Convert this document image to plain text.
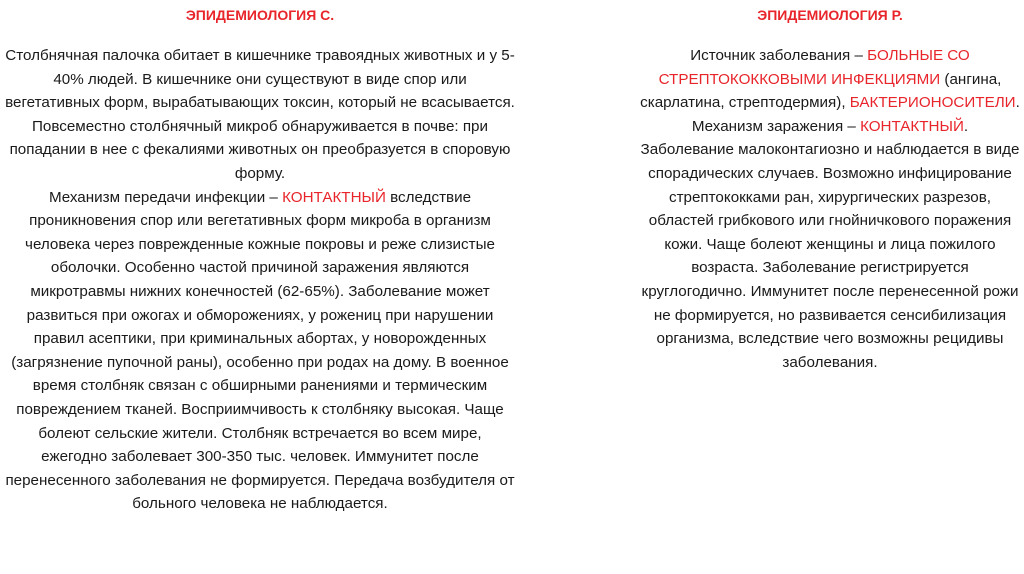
ЭПИДЕМИОЛОГИЯ С.

Столбнячная палочка обитает в кишечнике травоядных животных и у 5-40% людей. В кишечнике они существуют в виде спор или вегетативных форм, вырабатывающих токсин, который не всасывается. Повсеместно столбнячный микроб обнаруживается в почве: при попадании в нее с фекалиями животных он преобразуется в споровую форму.

Механизм передачи инфекции – КОНТАКТНЫЙ вследствие проникновения спор или вегетативных форм микроба в организм человека через поврежденные кожные покровы и реже слизистые оболочки. Особенно частой причиной заражения являются микротравмы нижних конечностей (62-65%). Заболевание может развиться при ожогах и обморожениях, у рожениц при нарушении правил асептики, при криминальных абортах, у новорожденных (загрязнение пупочной раны), особенно при родах на дому. В военное время столбняк связан с обширными ранениями и термическим повреждением тканей. Восприимчивость к столбняку высокая. Чаще болеют сельские жители. Столбняк встречается во всем мире, ежегодно заболевает 300-350 тыс. человек. Иммунитет после перенесенного заболевания не формируется. Передача возбудителя от больного человека не наблюдается.

ЭПИДЕМИОЛОГИЯ Р.

Источник заболевания – БОЛЬНЫЕ СО СТРЕПТОКОККОВЫМИ ИНФЕКЦИЯМИ (ангина, скарлатина, стрептодермия), БАКТЕРИОНОСИТЕЛИ.

Механизм заражения – КОНТАКТНЫЙ.

Заболевание малоконтагиозно и наблюдается в виде спорадических случаев. Возможно инфицирование стрептококками ран, хирургических разрезов, областей грибкового или гнойничкового поражения кожи. Чаще болеют женщины и лица пожилого возраста. Заболевание регистрируется круглогодично. Иммунитет после перенесенной рожи не формируется, но развивается сенсибилизация организма, вследствие чего возможны рецидивы заболевания.
